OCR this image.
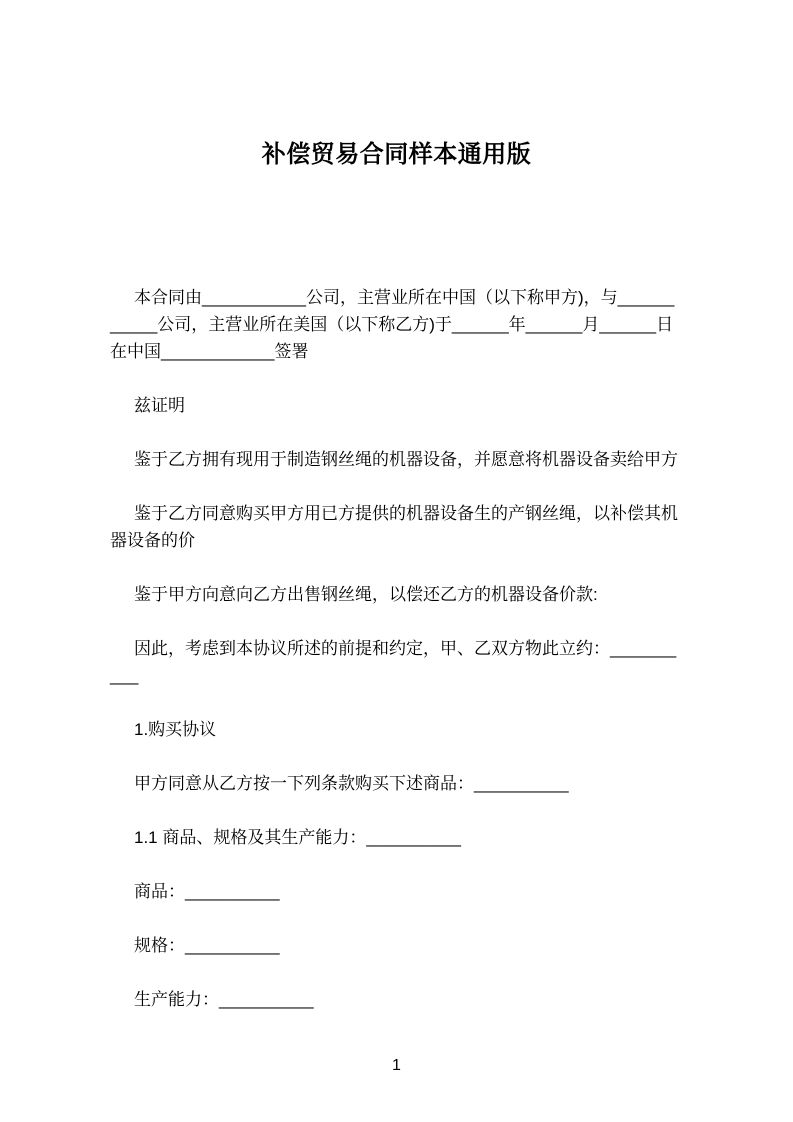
补偿贸易合同样本通用版

本合同由___________公司，主营业所在中国（以下称甲方)，与___________公司，主营业所在美国（以下称乙方)于______年______月______日在中国____________签署

兹证明

鉴于乙方拥有现用于制造钢丝绳的机器设备，并愿意将机器设备卖给甲方

鉴于乙方同意购买甲方用已方提供的机器设备生的产钢丝绳，以补偿其机器设备的价

鉴于甲方向意向乙方出售钢丝绳，以偿还乙方的机器设备价款:

因此，考虑到本协议所述的前提和约定，甲、乙双方物此立约：__________

1.购买协议

甲方同意从乙方按一下列条款购买下述商品：__________

1.1 商品、规格及其生产能力：__________

商品：__________

规格：__________

生产能力：__________

1
